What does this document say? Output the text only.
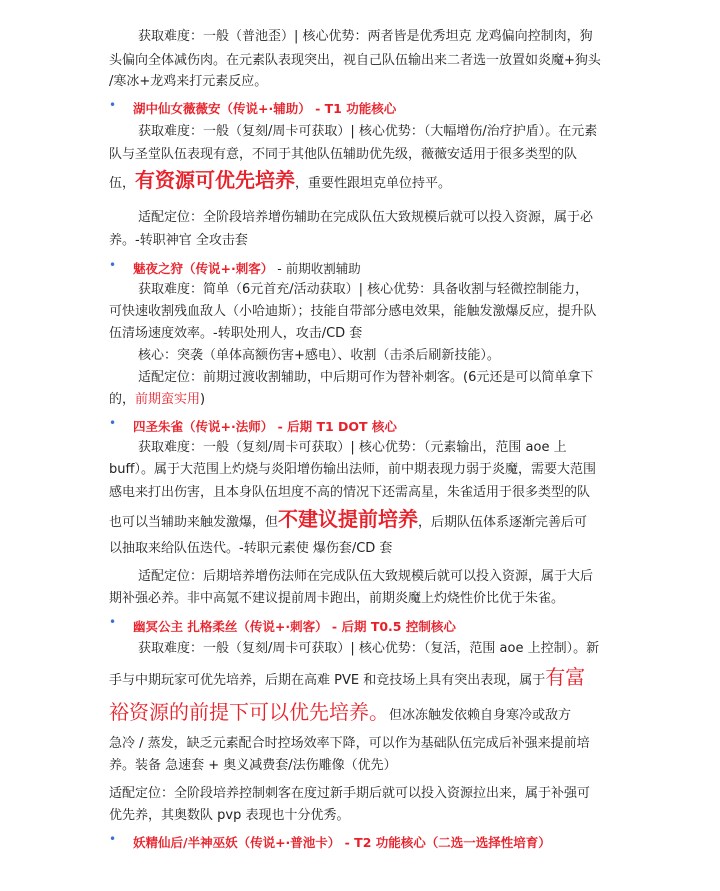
获取难度：一般（普池歪）| 核心优势：两者皆是优秀坦克 龙鸡偏向控制肉，狗
头偏向全体减伤肉。在元素队表现突出，视自己队伍输出来二者选一放置如炎魔+狗头
/寒冰+龙鸡来打元素反应。
• 湖中仙女薇薇安（传说+·辅助） - T1 功能核心
获取难度：一般（复刻/周卡可获取）| 核心优势：（大幅增伤/治疗护盾）。在元素
队与圣堂队伍表现有意，不同于其他队伍辅助优先级，薇薇安适用于很多类型的队
伍，有资源可优先培养，重要性跟坦克单位持平。
适配定位：全阶段培养增伤辅助在完成队伍大致规模后就可以投入资源，属于必
养。-转职神官 全攻击套
• 魅夜之狩（传说+·刺客） - 前期收割辅助
获取难度：简单（6元首充/活动获取）| 核心优势：具备收割与轻微控制能力，
可快速收割残血敌人（小哈迪斯）；技能自带部分感电效果，能触发激爆反应，提升队
伍清场速度效率。-转职处刑人，攻击/CD 套
核心：突袭（单体高额伤害+感电）、收割（击杀后刷新技能）。
适配定位：前期过渡收割辅助，中后期可作为替补刺客。(6元还是可以简单拿下
的，前期蛮实用)
• 四圣朱雀（传说+·法师） - 后期 T1 DOT 核心
获取难度：一般（复刻/周卡可获取）| 核心优势：（元素输出，范围 aoe 上
buff）。属于大范围上灼烧与炎阳增伤输出法师，前中期表现力弱于炎魔，需要大范围
感电来打出伤害，且本身队伍坦度不高的情况下还需高星，朱雀适用于很多类型的队
也可以当辅助来触发激爆，但不建议提前培养，后期队伍体系逐渐完善后可
以抽取来给队伍迭代。-转职元素使 爆伤套/CD 套
适配定位：后期培养增伤法师在完成队伍大致规模后就可以投入资源，属于大后
期补强必养。非中高氪不建议提前周卡跑出，前期炎魔上灼烧性价比优于朱雀。
• 幽冥公主 扎格柔丝（传说+·刺客） - 后期 T0.5 控制核心
获取难度：一般（复刻/周卡可获取）| 核心优势：（复活，范围 aoe 上控制）。新
手与中期玩家可优先培养，后期在高难 PVE 和竞技场上具有突出表现，属于有富
裕资源的前提下可以优先培养。但冰冻触发依赖自身寒冷或敌方
急冷 / 蒸发，缺乏元素配合时控场效率下降，可以作为基础队伍完成后补强来提前培
养。装备 急速套 + 奥义减费套/法伤雕像（优先）
适配定位：全阶段培养控制刺客在度过新手期后就可以投入资源拉出来，属于补强可
优先养，其奥数队 pvp 表现也十分优秀。
• 妖精仙后/半神巫妖（传说+·普池卡） - T2 功能核心（二选一选择性培育）
